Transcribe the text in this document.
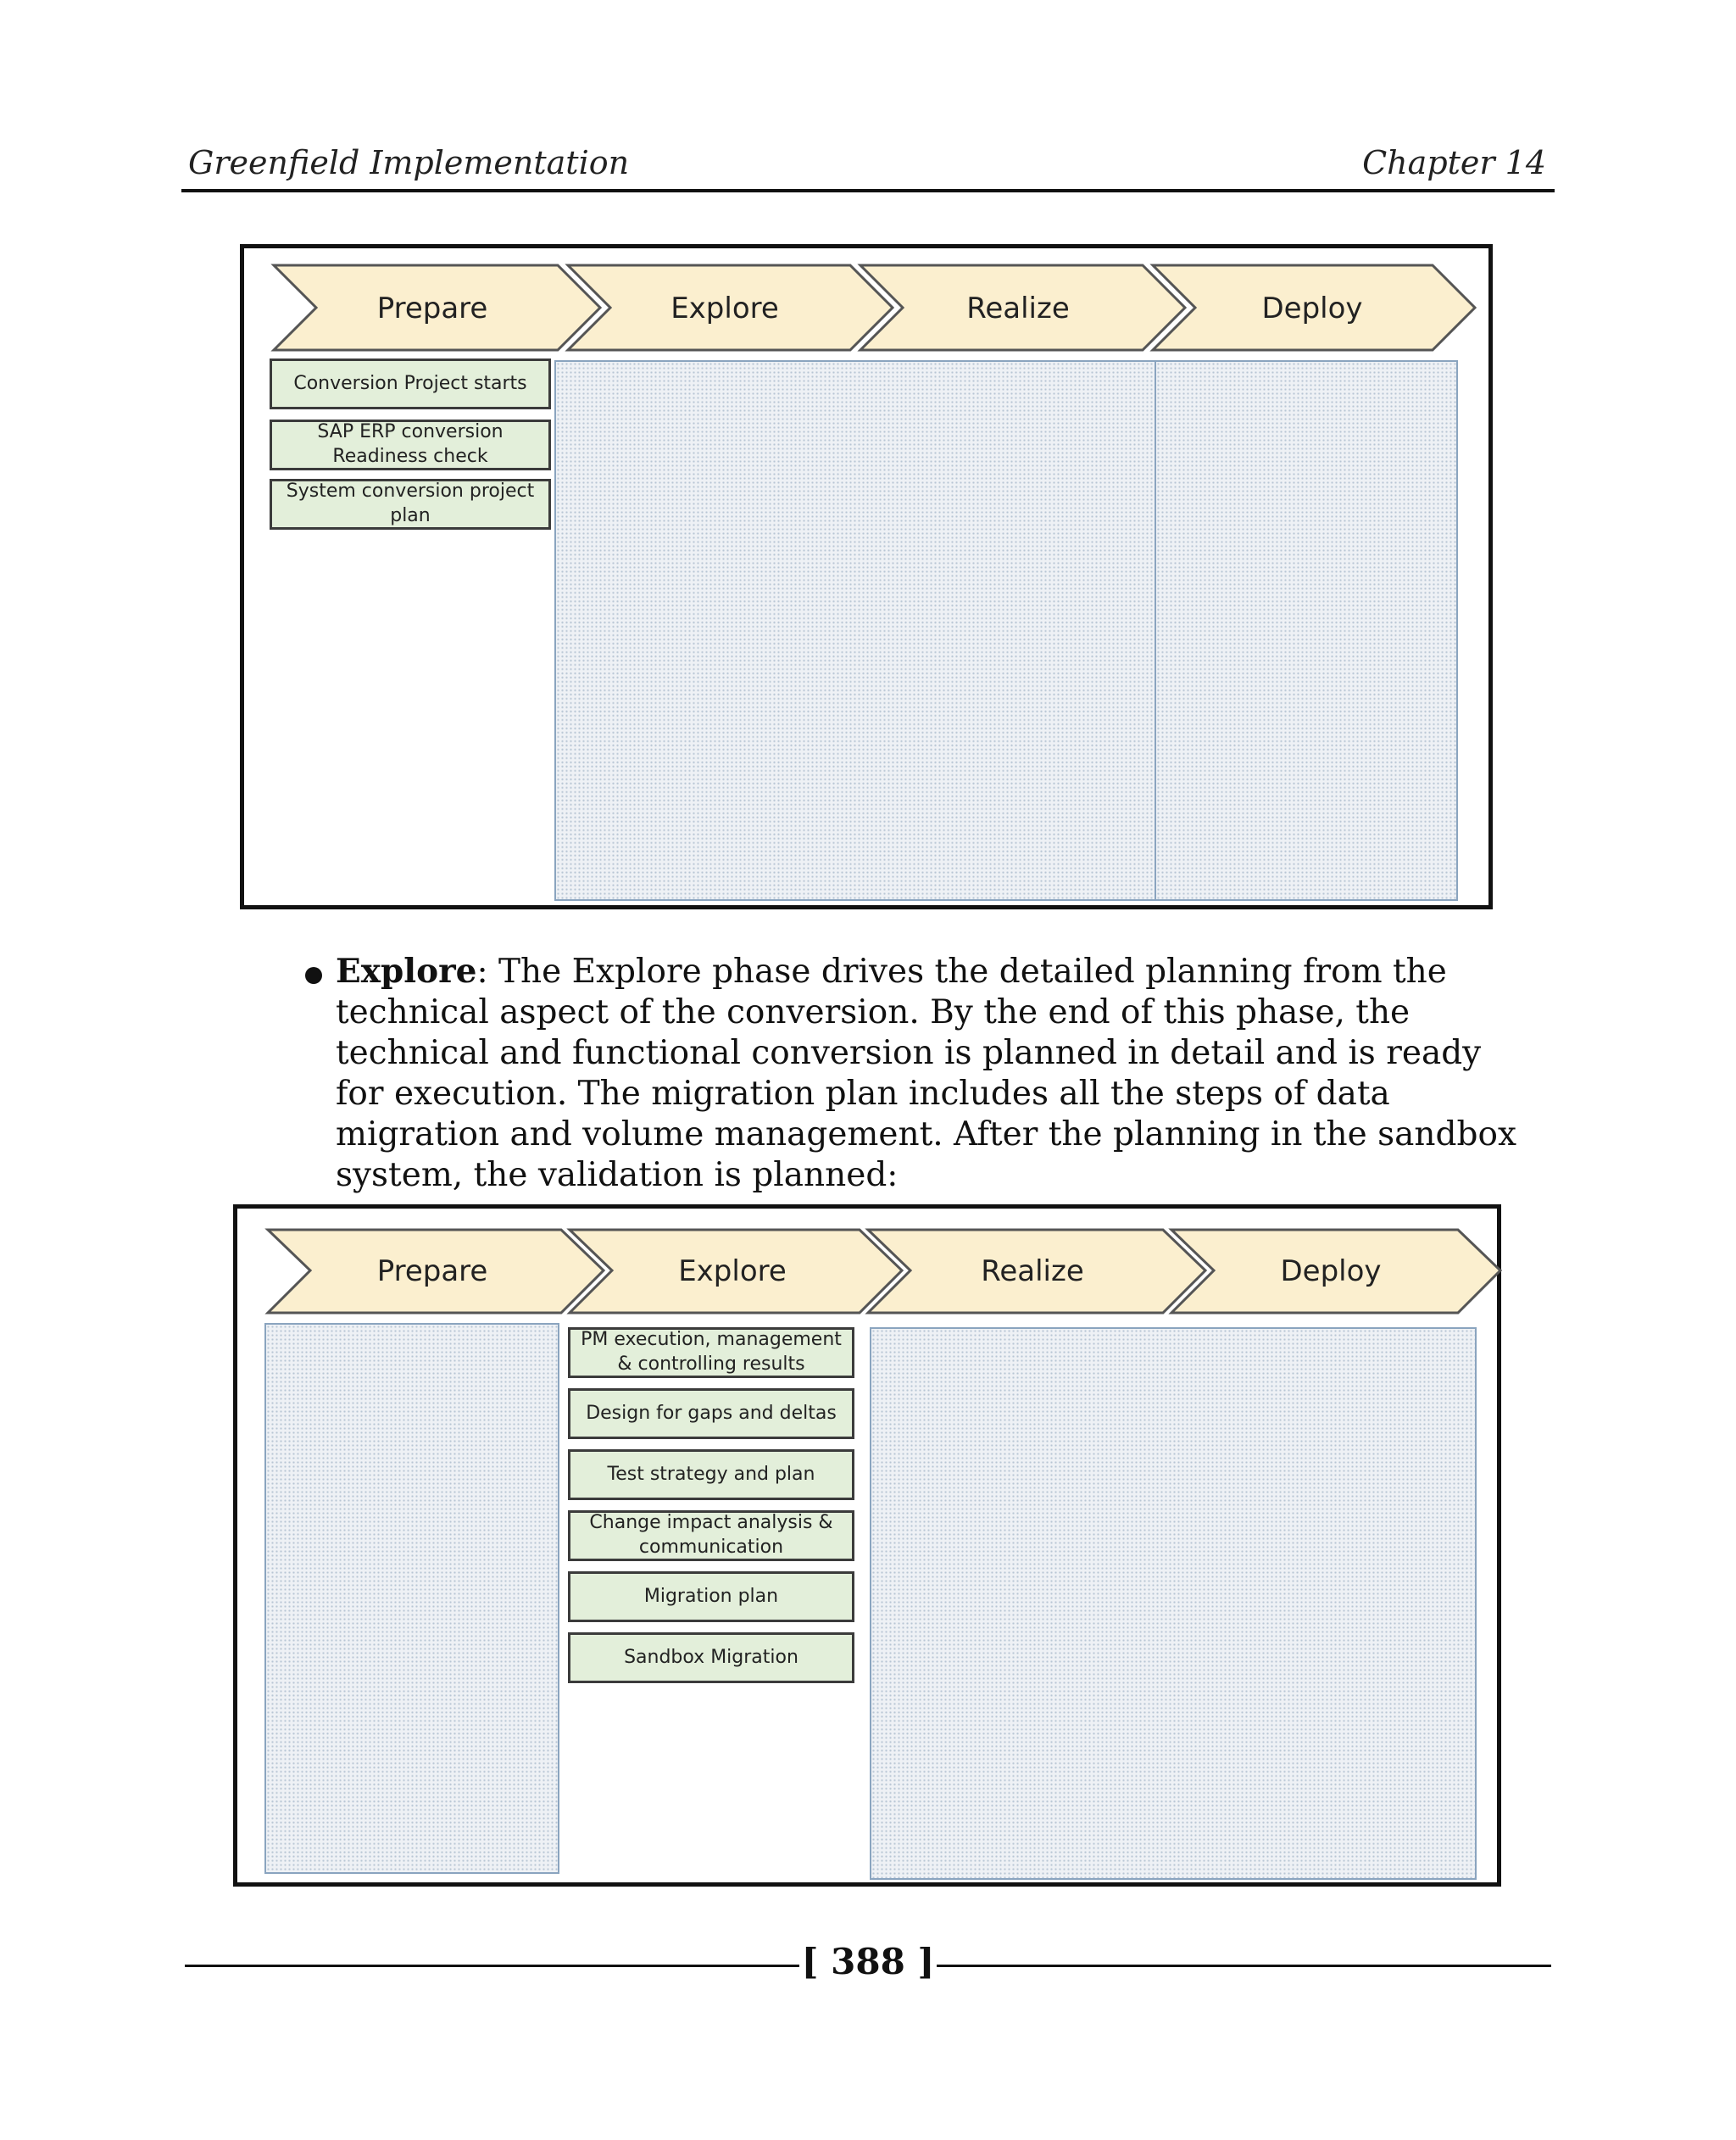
Greenfield Implementation	Chapter 14
Prepare	Explore	Realize	Deploy
Conversion Project starts
SAP ERP conversion
Readiness check
System conversion project
plan
Explore: The Explore phase drives the detailed planning from the technical aspect of the conversion. By the end of this phase, the technical and functional conversion is planned in detail and is ready for execution. The migration plan includes all the steps of data migration and volume management. After the planning in the sandbox system, the validation is planned:
Prepare	Explore	Realize	Deploy
PM execution, management
& controlling results
Design for gaps and deltas
Test strategy and plan
Change impact analysis &
communication
Migration plan
Sandbox Migration
[ 388 ]
